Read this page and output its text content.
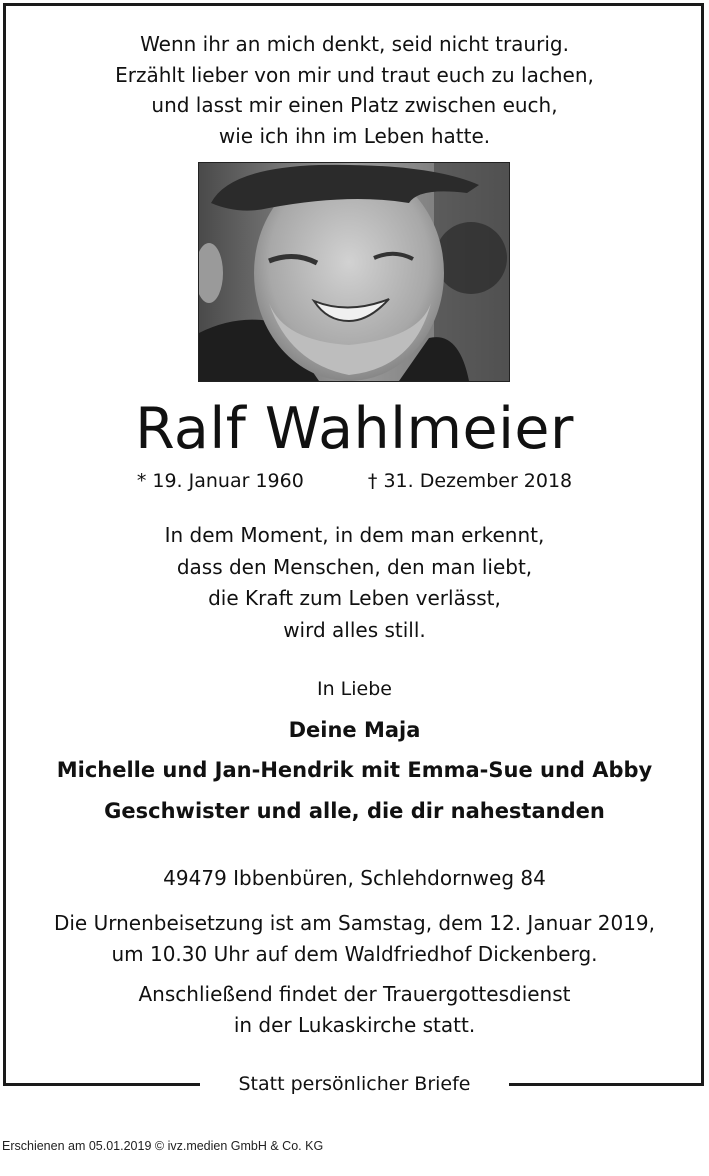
Wenn ihr an mich denkt, seid nicht traurig.
Erzählt lieber von mir und traut euch zu lachen,
und lasst mir einen Platz zwischen euch,
wie ich ihn im Leben hatte.
Ralf Wahlmeier
* 19. Januar 1960	† 31. Dezember 2018
In dem Moment, in dem man erkennt,
dass den Menschen, den man liebt,
die Kraft zum Leben verlässt,
wird alles still.
In Liebe
Deine Maja
Michelle und Jan-Hendrik mit Emma-Sue und Abby
Geschwister und alle, die dir nahestanden
49479 Ibbenbüren, Schlehdornweg 84
Die Urnenbeisetzung ist am Samstag, dem 12. Januar 2019,
um 10.30 Uhr auf dem Waldfriedhof Dickenberg.
Anschließend findet der Trauergottesdienst
in der Lukaskirche statt.
Statt persönlicher Briefe
Erschienen am 05.01.2019 © ivz.medien GmbH & Co. KG
